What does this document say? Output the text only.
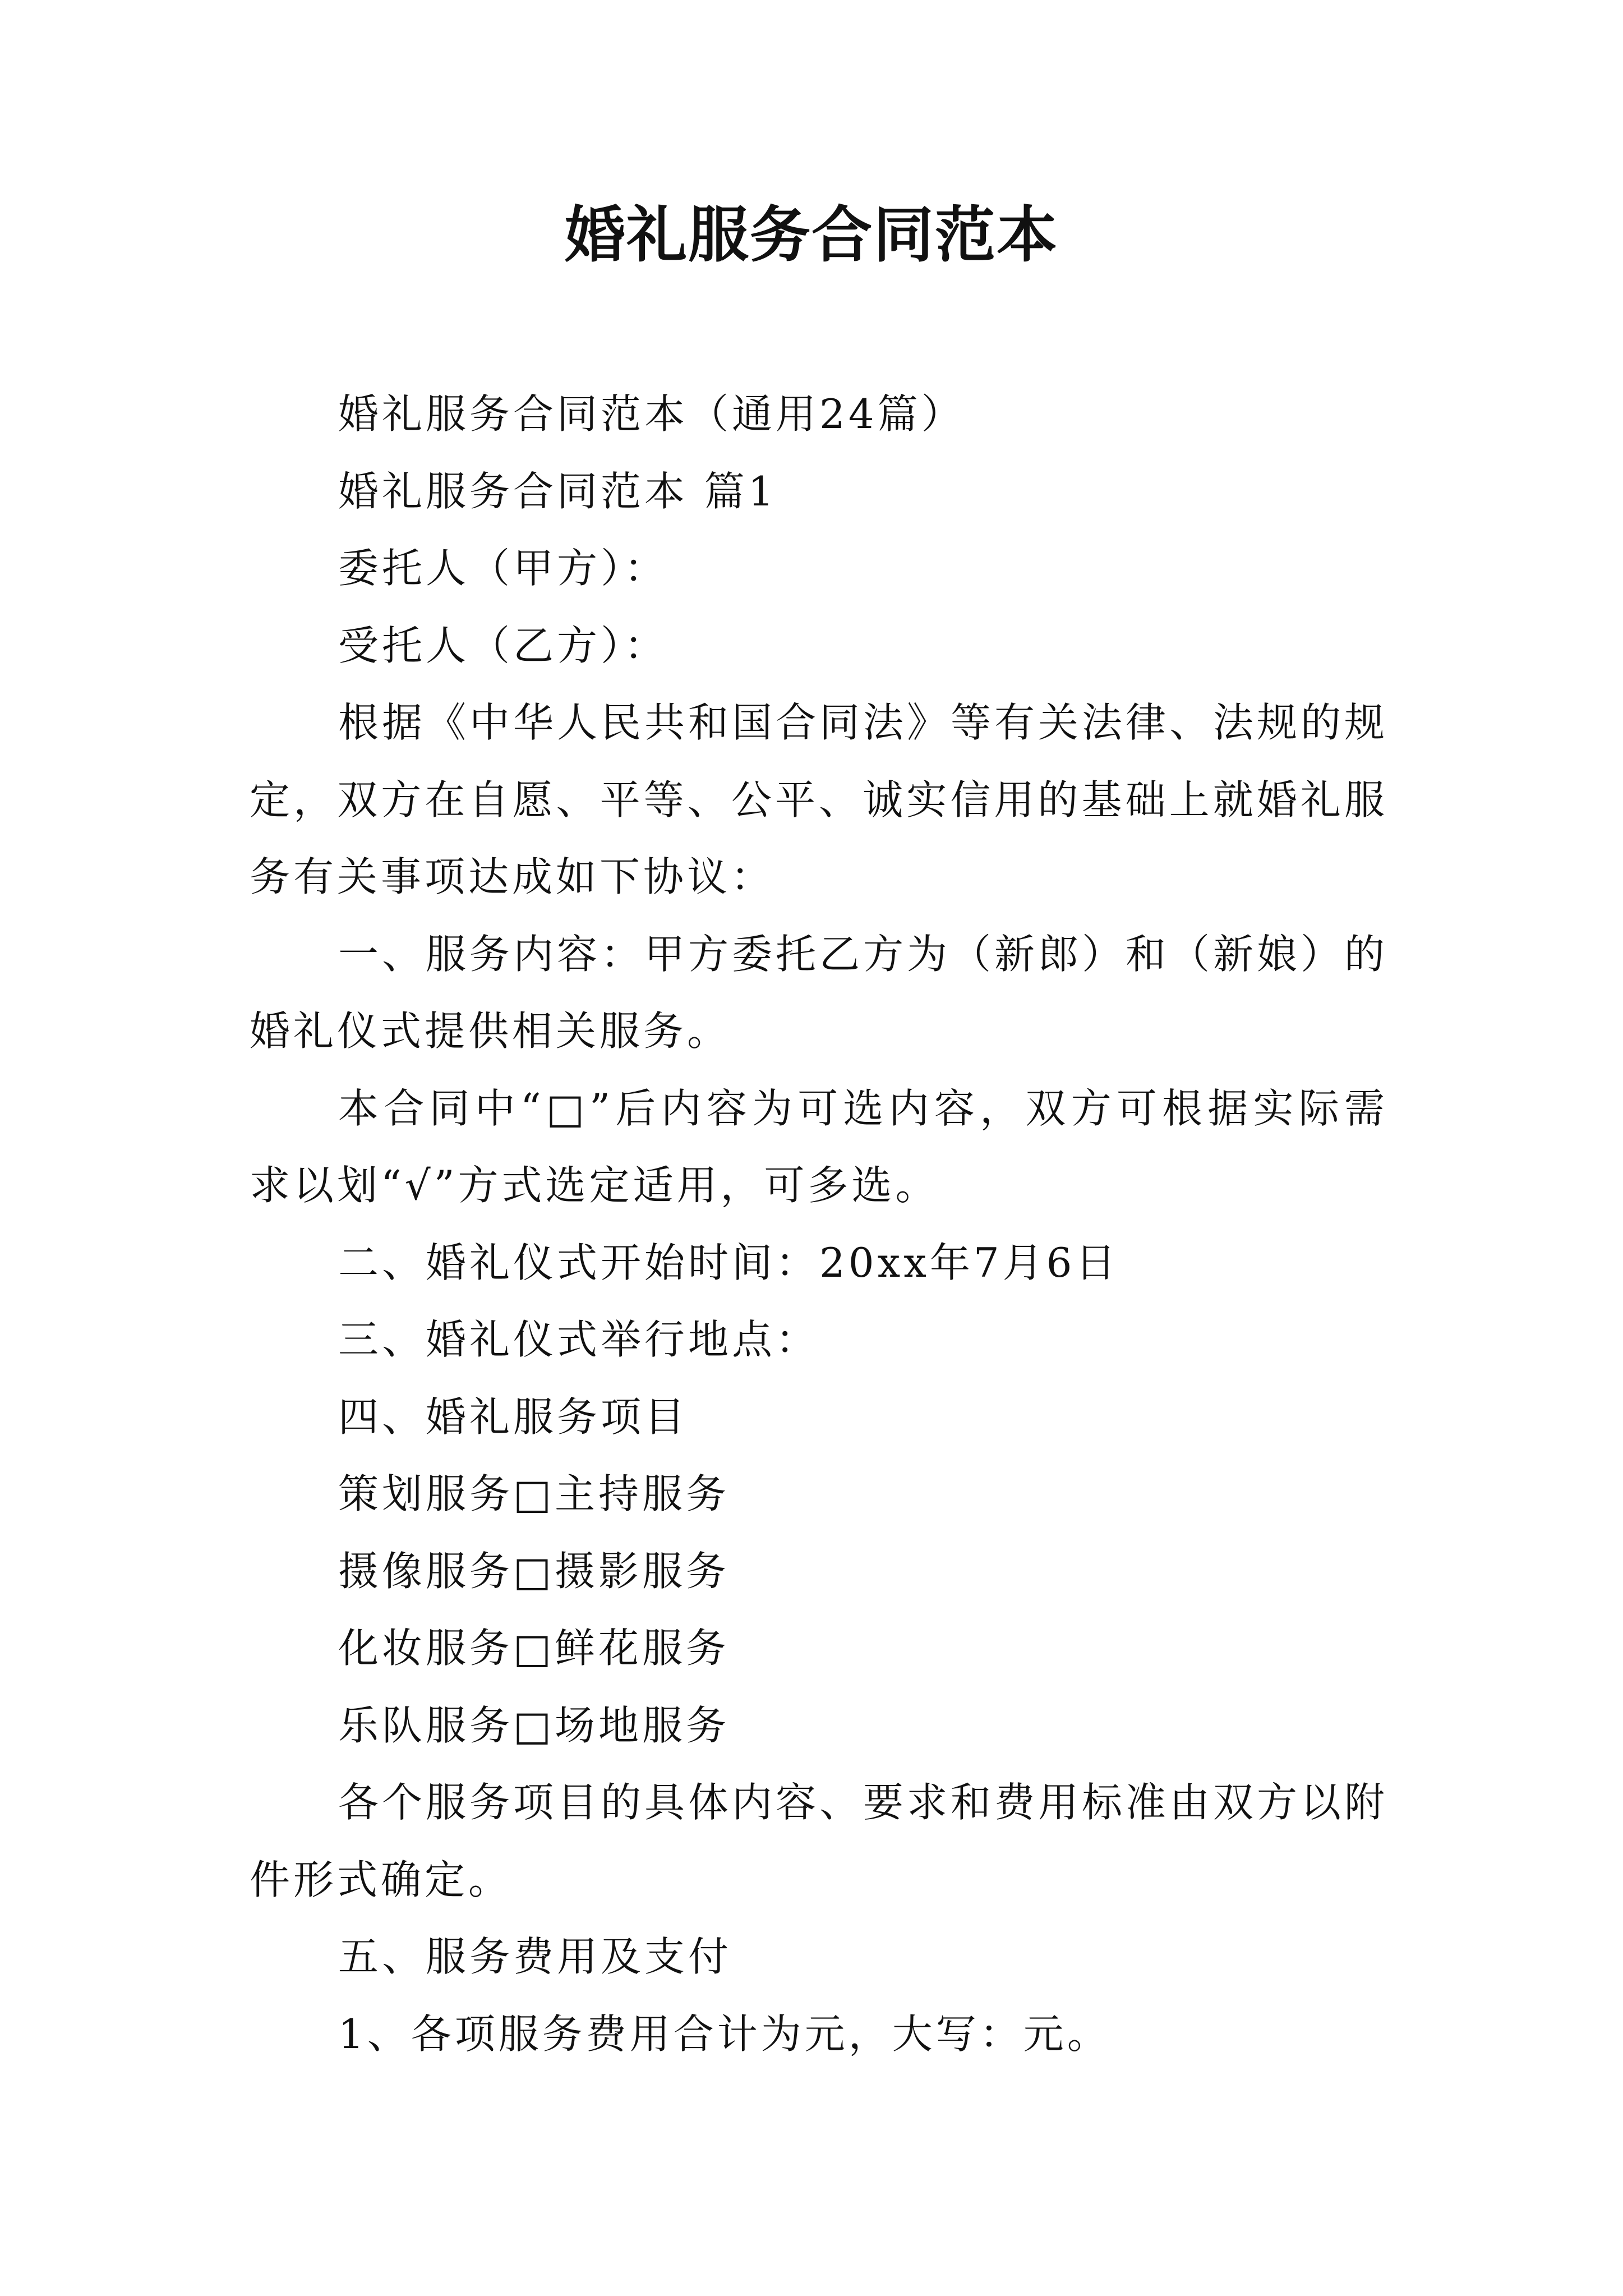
婚礼服务合同范本

婚礼服务合同范本（通用24篇）

婚礼服务合同范本 篇1

委托人（甲方）：

受托人（乙方）：

根据《中华人民共和国合同法》等有关法律、法规的规定，双方在自愿、平等、公平、诚实信用的基础上就婚礼服务有关事项达成如下协议：

一、服务内容：甲方委托乙方为（新郎）和（新娘）的婚礼仪式提供相关服务。

本合同中“□”后内容为可选内容，双方可根据实际需求以划“√”方式选定适用，可多选。

二、婚礼仪式开始时间：20xx年7月6日

三、婚礼仪式举行地点：

四、婚礼服务项目

策划服务□主持服务

摄像服务□摄影服务

化妆服务□鲜花服务

乐队服务□场地服务

各个服务项目的具体内容、要求和费用标准由双方以附件形式确定。

五、服务费用及支付

1、各项服务费用合计为元，大写：元。
